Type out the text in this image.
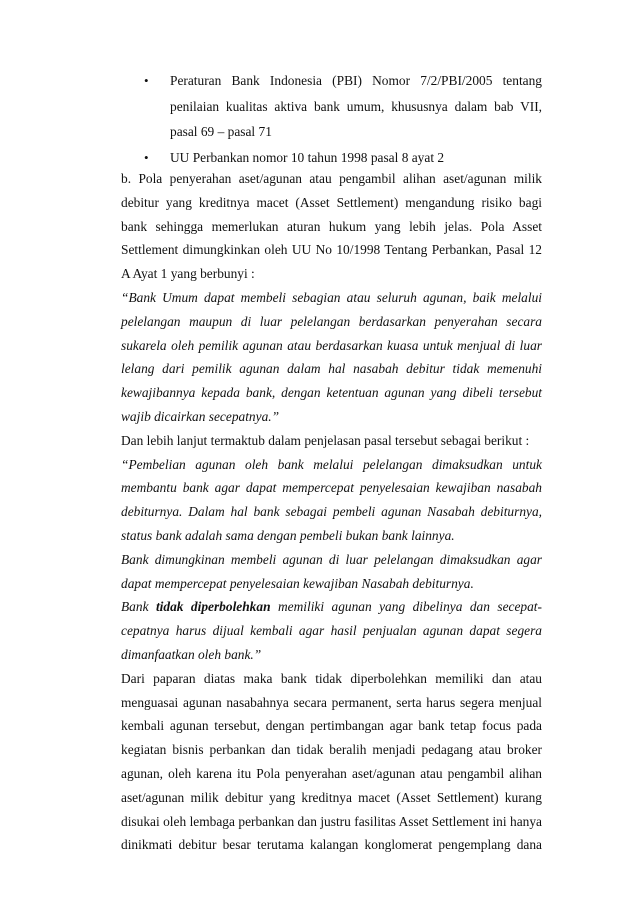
• Peraturan Bank Indonesia (PBI) Nomor 7/2/PBI/2005 tentang penilaian kualitas aktiva bank umum, khususnya dalam bab VII, pasal 69 – pasal 71
• UU Perbankan nomor 10 tahun 1998 pasal 8 ayat 2

b. Pola penyerahan aset/agunan atau pengambil alihan aset/agunan milik debitur yang kreditnya macet (Asset Settlement) mengandung risiko bagi bank sehingga memerlukan aturan hukum yang lebih jelas. Pola Asset Settlement dimungkinkan oleh UU No 10/1998 Tentang Perbankan, Pasal 12 A Ayat 1 yang berbunyi :

“Bank Umum dapat membeli sebagian atau seluruh agunan, baik melalui pelelangan maupun di luar pelelangan berdasarkan penyerahan secara sukarela oleh pemilik agunan atau berdasarkan kuasa untuk menjual di luar lelang dari pemilik agunan dalam hal nasabah debitur tidak memenuhi kewajibannya kepada bank, dengan ketentuan agunan yang dibeli tersebut wajib dicairkan secepatnya.”

Dan lebih lanjut termaktub dalam penjelasan pasal tersebut sebagai berikut :

“Pembelian agunan oleh bank melalui pelelangan dimaksudkan untuk membantu bank agar dapat mempercepat penyelesaian kewajiban nasabah debiturnya. Dalam hal bank sebagai pembeli agunan Nasabah debiturnya, status bank adalah sama dengan pembeli bukan bank lainnya.

Bank dimungkinan membeli agunan di luar pelelangan dimaksudkan agar dapat mempercepat penyelesaian kewajiban Nasabah debiturnya.

Bank tidak diperbolehkan memiliki agunan yang dibelinya dan secepat-cepatnya harus dijual kembali agar hasil penjualan agunan dapat segera dimanfaatkan oleh bank.”

Dari paparan diatas maka bank tidak diperbolehkan memiliki dan atau menguasai agunan nasabahnya secara permanent, serta harus segera menjual kembali agunan tersebut, dengan pertimbangan agar bank tetap focus pada kegiatan bisnis perbankan dan tidak beralih menjadi pedagang atau broker agunan, oleh karena itu Pola penyerahan aset/agunan atau pengambil alihan aset/agunan milik debitur yang kreditnya macet (Asset Settlement) kurang disukai oleh lembaga perbankan dan justru fasilitas Asset Settlement ini hanya dinikmati debitur besar terutama kalangan konglomerat pengemplang dana
